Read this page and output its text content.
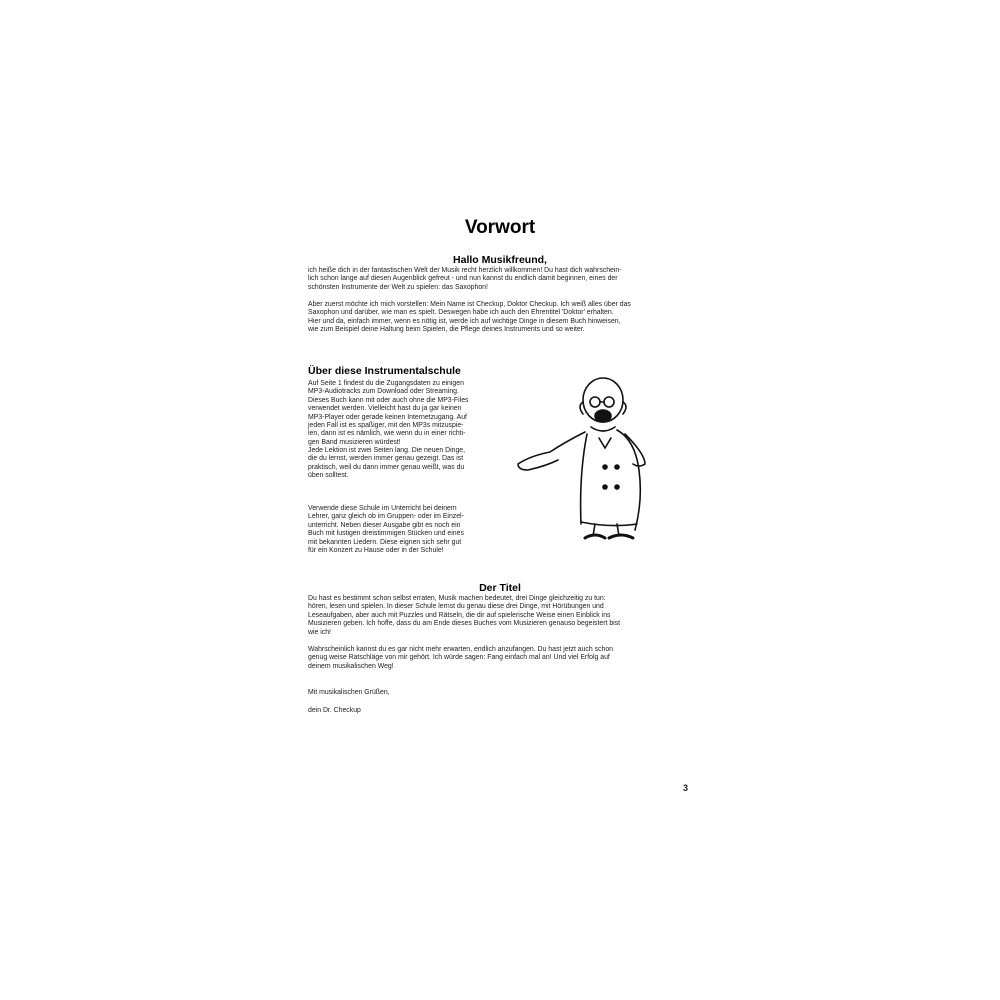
Vorwort
Hallo Musikfreund,
ich heiße dich in der fantastischen Welt der Musik recht herzlich willkommen! Du hast dich wahrschein-
lich schon lange auf diesen Augenblick gefreut - und nun kannst du endlich damit beginnen, eines der
schönsten Instrumente der Welt zu spielen: das Saxophon!
Aber zuerst möchte ich mich vorstellen: Mein Name ist Checkup, Doktor Checkup. Ich weiß alles über das
Saxophon und darüber, wie man es spielt. Deswegen habe ich auch den Ehrentitel 'Doktor' erhalten.
Hier und da, einfach immer, wenn es nötig ist, werde ich auf wichtige Dinge in diesem Buch hinweisen,
wie zum Beispiel deine Haltung beim Spielen, die Pflege deines Instruments und so weiter.
Über diese Instrumentalschule
Auf Seite 1 findest du die Zugangsdaten zu einigen
MP3-Audiotracks zum Download oder Streaming.
Dieses Buch kann mit oder auch ohne die MP3-Files
verwendet werden. Vielleicht hast du ja gar keinen
MP3-Player oder gerade keinen Internetzugang. Auf
jeden Fall ist es spaßiger, mit den MP3s mitzuspie-
len, dann ist es nämlich, wie wenn du in einer richti-
gen Band musizieren würdest!
Jede Lektion ist zwei Seiten lang. Die neuen Dinge,
die du lernst, werden immer genau gezeigt. Das ist
praktisch, weil du dann immer genau weißt, was du
üben solltest.
Verwende diese Schule im Unterricht bei deinem
Lehrer, ganz gleich ob im Gruppen- oder im Einzel-
unterricht. Neben dieser Ausgabe gibt es noch ein
Buch mit lustigen dreistimmigen Stücken und eines
mit bekannten Liedern. Diese eignen sich sehr gut
für ein Konzert zu Hause oder in der Schule!
Der Titel
Du hast es bestimmt schon selbst erraten, Musik machen bedeutet, drei Dinge gleichzeitig zu tun:
hören, lesen und spielen. In dieser Schule lernst du genau diese drei Dinge, mit Hörübungen und
Leseaufgaben, aber auch mit Puzzles und Rätseln, die dir auf spielerische Weise einen Einblick ins
Musizieren geben. Ich hoffe, dass du am Ende dieses Buches vom Musizieren genauso begeistert bist
wie ich!
Wahrscheinlich kannst du es gar nicht mehr erwarten, endlich anzufangen. Du hast jetzt auch schon
genug weise Ratschläge von mir gehört. Ich würde sagen: Fang einfach mal an! Und viel Erfolg auf
deinem musikalischen Weg!
Mit musikalischen Grüßen,
dein Dr. Checkup
3
